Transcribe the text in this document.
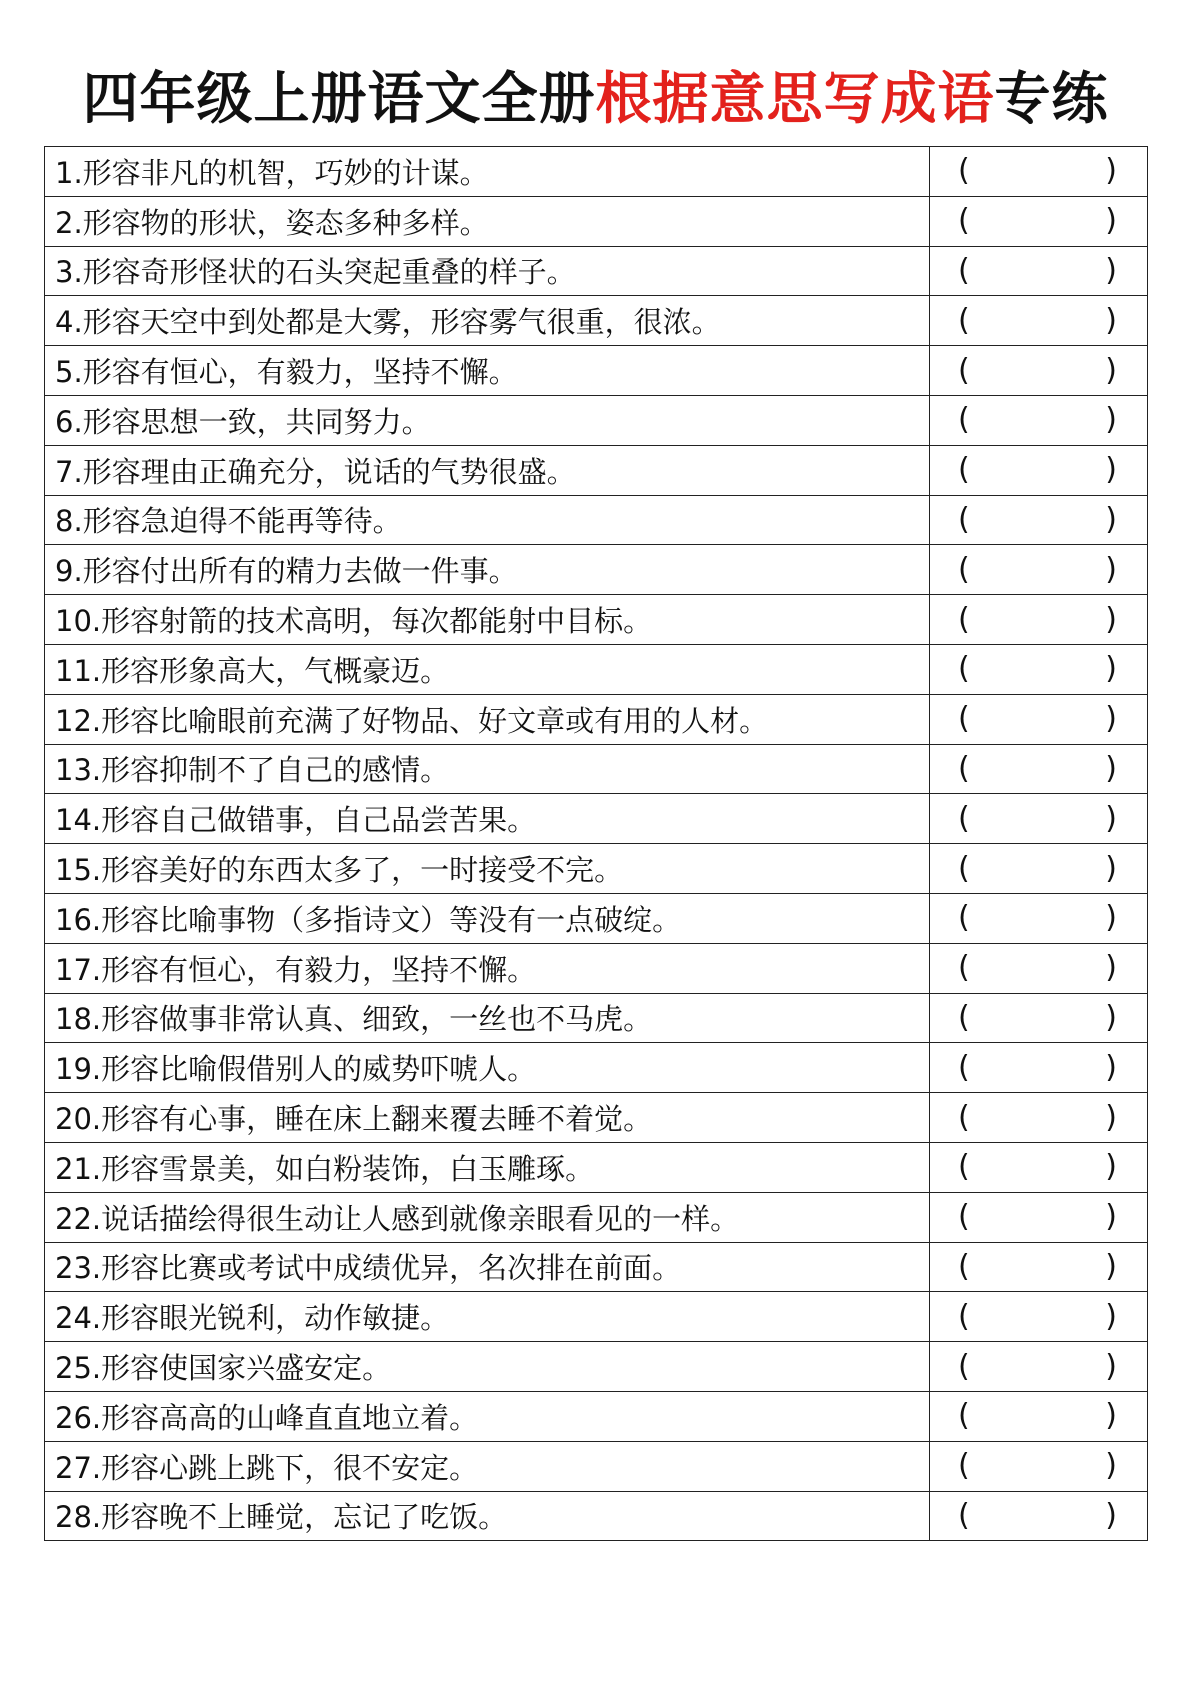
四年级上册语文全册根据意思写成语专练
1.形容非凡的机智，巧妙的计谋。	( )

2.形容物的形状，姿态多种多样。	( )

3.形容奇形怪状的石头突起重叠的样子。	( )

4.形容天空中到处都是大雾，形容雾气很重，很浓。	( )

5.形容有恒心，有毅力，坚持不懈。	( )

6.形容思想一致，共同努力。	( )

7.形容理由正确充分，说话的气势很盛。	( )

8.形容急迫得不能再等待。	( )

9.形容付出所有的精力去做一件事。	( )

10.形容射箭的技术高明，每次都能射中目标。	( )

11.形容形象高大，气概豪迈。	( )

12.形容比喻眼前充满了好物品、好文章或有用的人材。	( )

13.形容抑制不了自己的感情。	( )

14.形容自己做错事，自己品尝苦果。	( )

15.形容美好的东西太多了，一时接受不完。	( )

16.形容比喻事物（多指诗文）等没有一点破绽。	( )

17.形容有恒心，有毅力，坚持不懈。	( )

18.形容做事非常认真、细致，一丝也不马虎。	( )

19.形容比喻假借别人的威势吓唬人。	( )

20.形容有心事，睡在床上翻来覆去睡不着觉。	( )

21.形容雪景美，如白粉装饰，白玉雕琢。	( )

22.说话描绘得很生动让人感到就像亲眼看见的一样。	( )

23.形容比赛或考试中成绩优异，名次排在前面。	( )

24.形容眼光锐利，动作敏捷。	( )

25.形容使国家兴盛安定。	( )

26.形容高高的山峰直直地立着。	( )

27.形容心跳上跳下，很不安定。	( )

28.形容晚不上睡觉，忘记了吃饭。	( )
